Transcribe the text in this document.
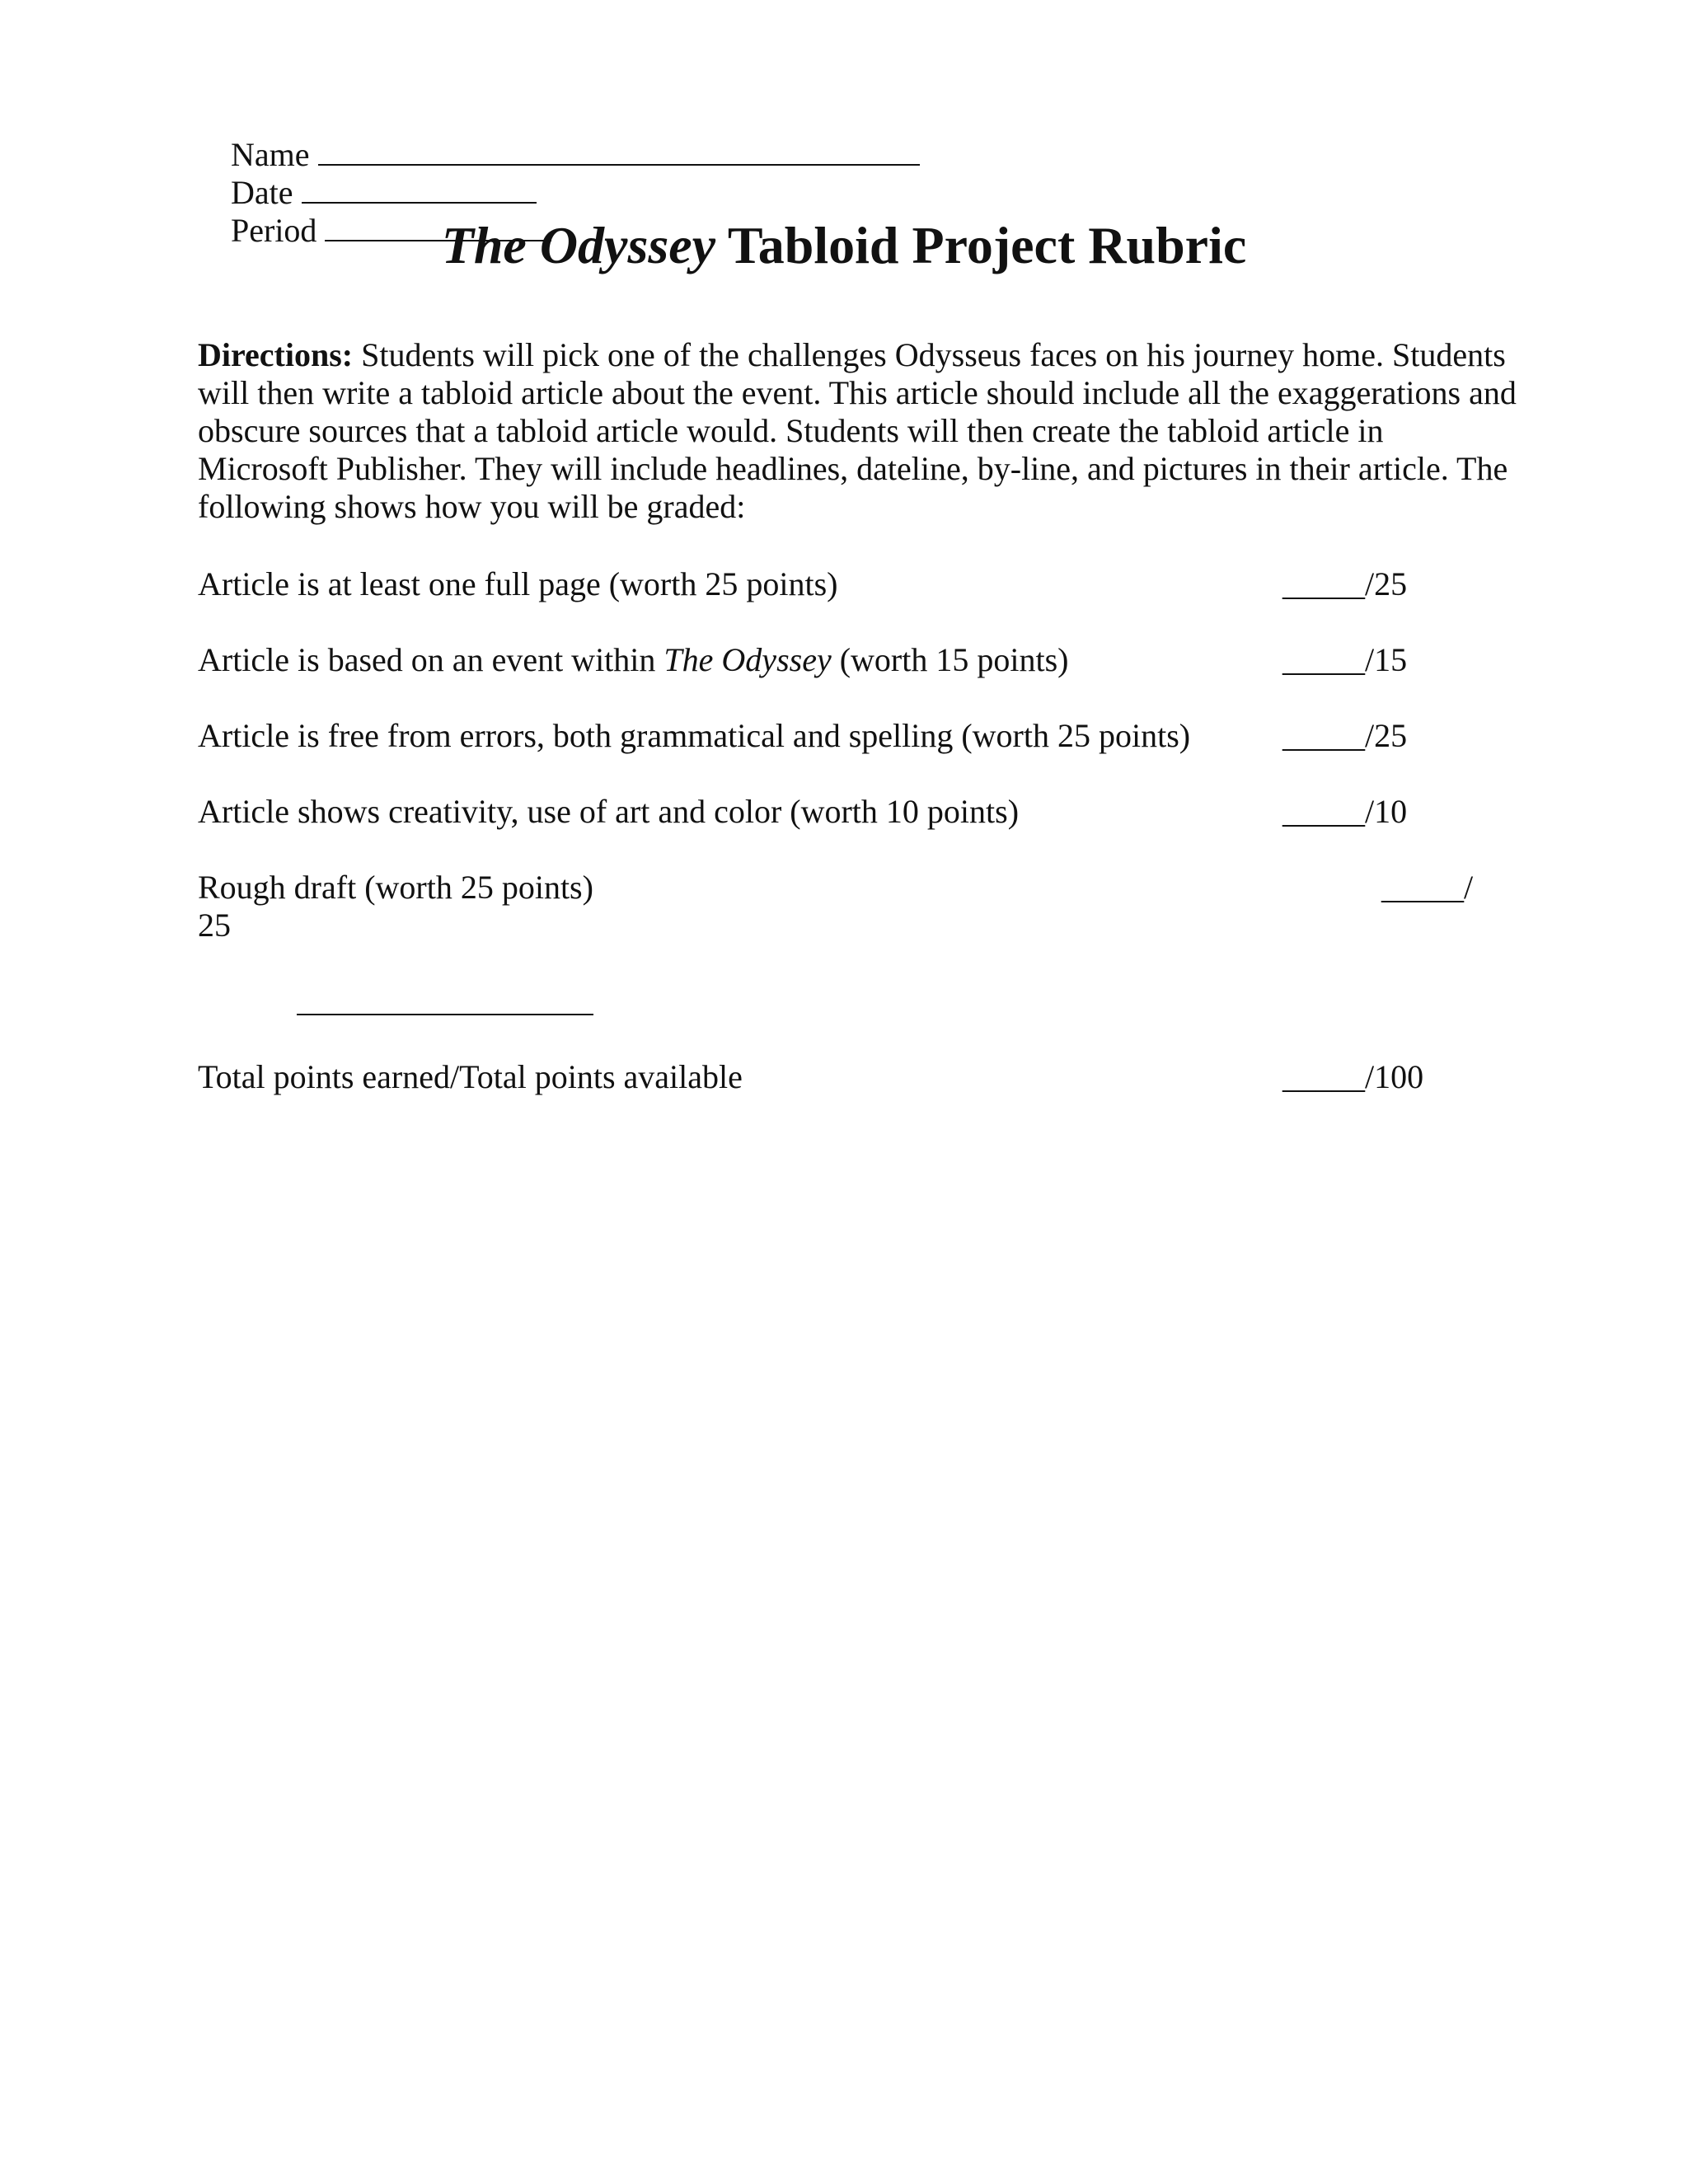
Name

Date

Period
	The Odyssey Tabloid Project Rubric
Directions: Students will pick one of the challenges Odysseus faces on his journey home. Students will then write a tabloid article about the event. This article should include all the exaggerations and obscure sources that a tabloid article would. Students will then create the tabloid article in Microsoft Publisher. They will include headlines, dateline, by-line, and pictures in their article. The following shows how you will be graded:
Article is at least one full page (worth 25 points)	_____/25
Article is based on an event within The Odyssey (worth 15 points)	_____/15
Article is free from errors, both grammatical and spelling (worth 25 points)	_____/25
Article shows creativity, use of art and color (worth 10 points)	_____/10
Rough draft (worth 25 points)	_____/
25
Total points earned/Total points available	_____/100
